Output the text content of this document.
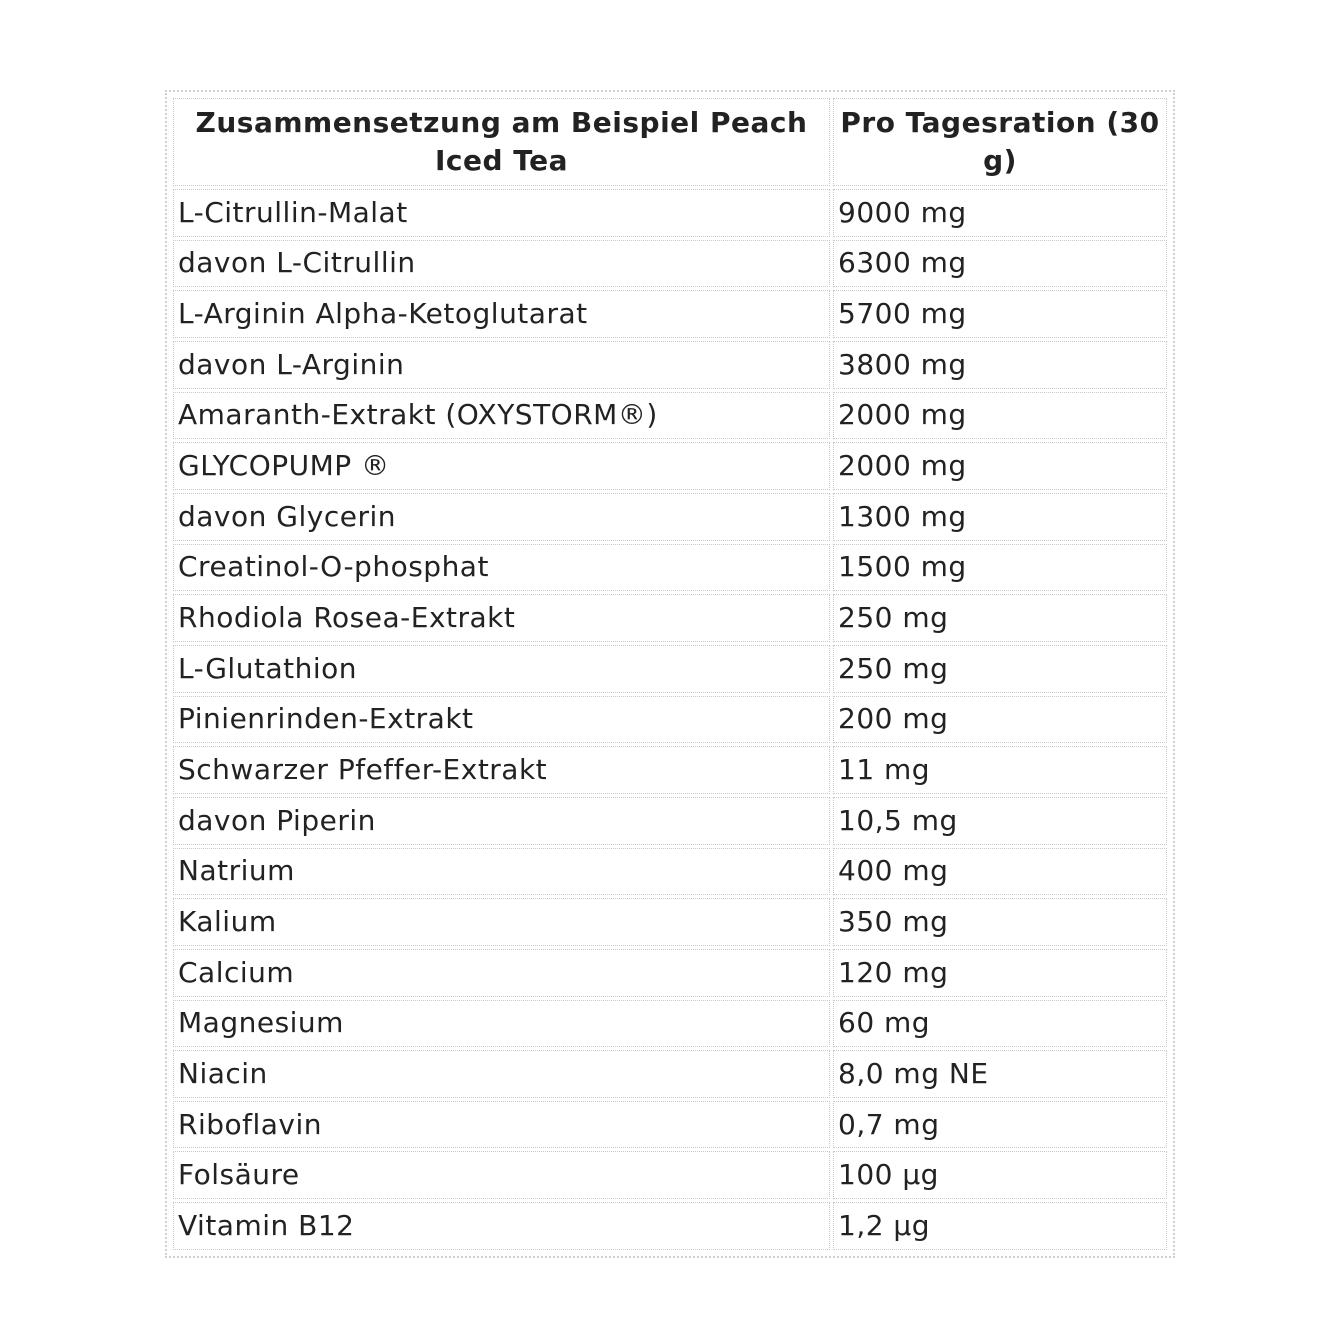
Zusammensetzung am Beispiel Peach Iced Tea	Pro Tagesration (30 g)
L-Citrullin-Malat	9000 mg
davon L-Citrullin	6300 mg
L-Arginin Alpha-Ketoglutarat	5700 mg
davon L-Arginin	3800 mg
Amaranth-Extrakt (OXYSTORM®)	2000 mg
GLYCOPUMP ®	2000 mg
davon Glycerin	1300 mg
Creatinol-O-phosphat	1500 mg
Rhodiola Rosea-Extrakt	250 mg
L-Glutathion	250 mg
Pinienrinden-Extrakt	200 mg
Schwarzer Pfeffer-Extrakt	11 mg
davon Piperin	10,5 mg
Natrium	400 mg
Kalium	350 mg
Calcium	120 mg
Magnesium	60 mg
Niacin	8,0 mg NE
Riboflavin	0,7 mg
Folsäure	100 µg
Vitamin B12	1,2 µg
